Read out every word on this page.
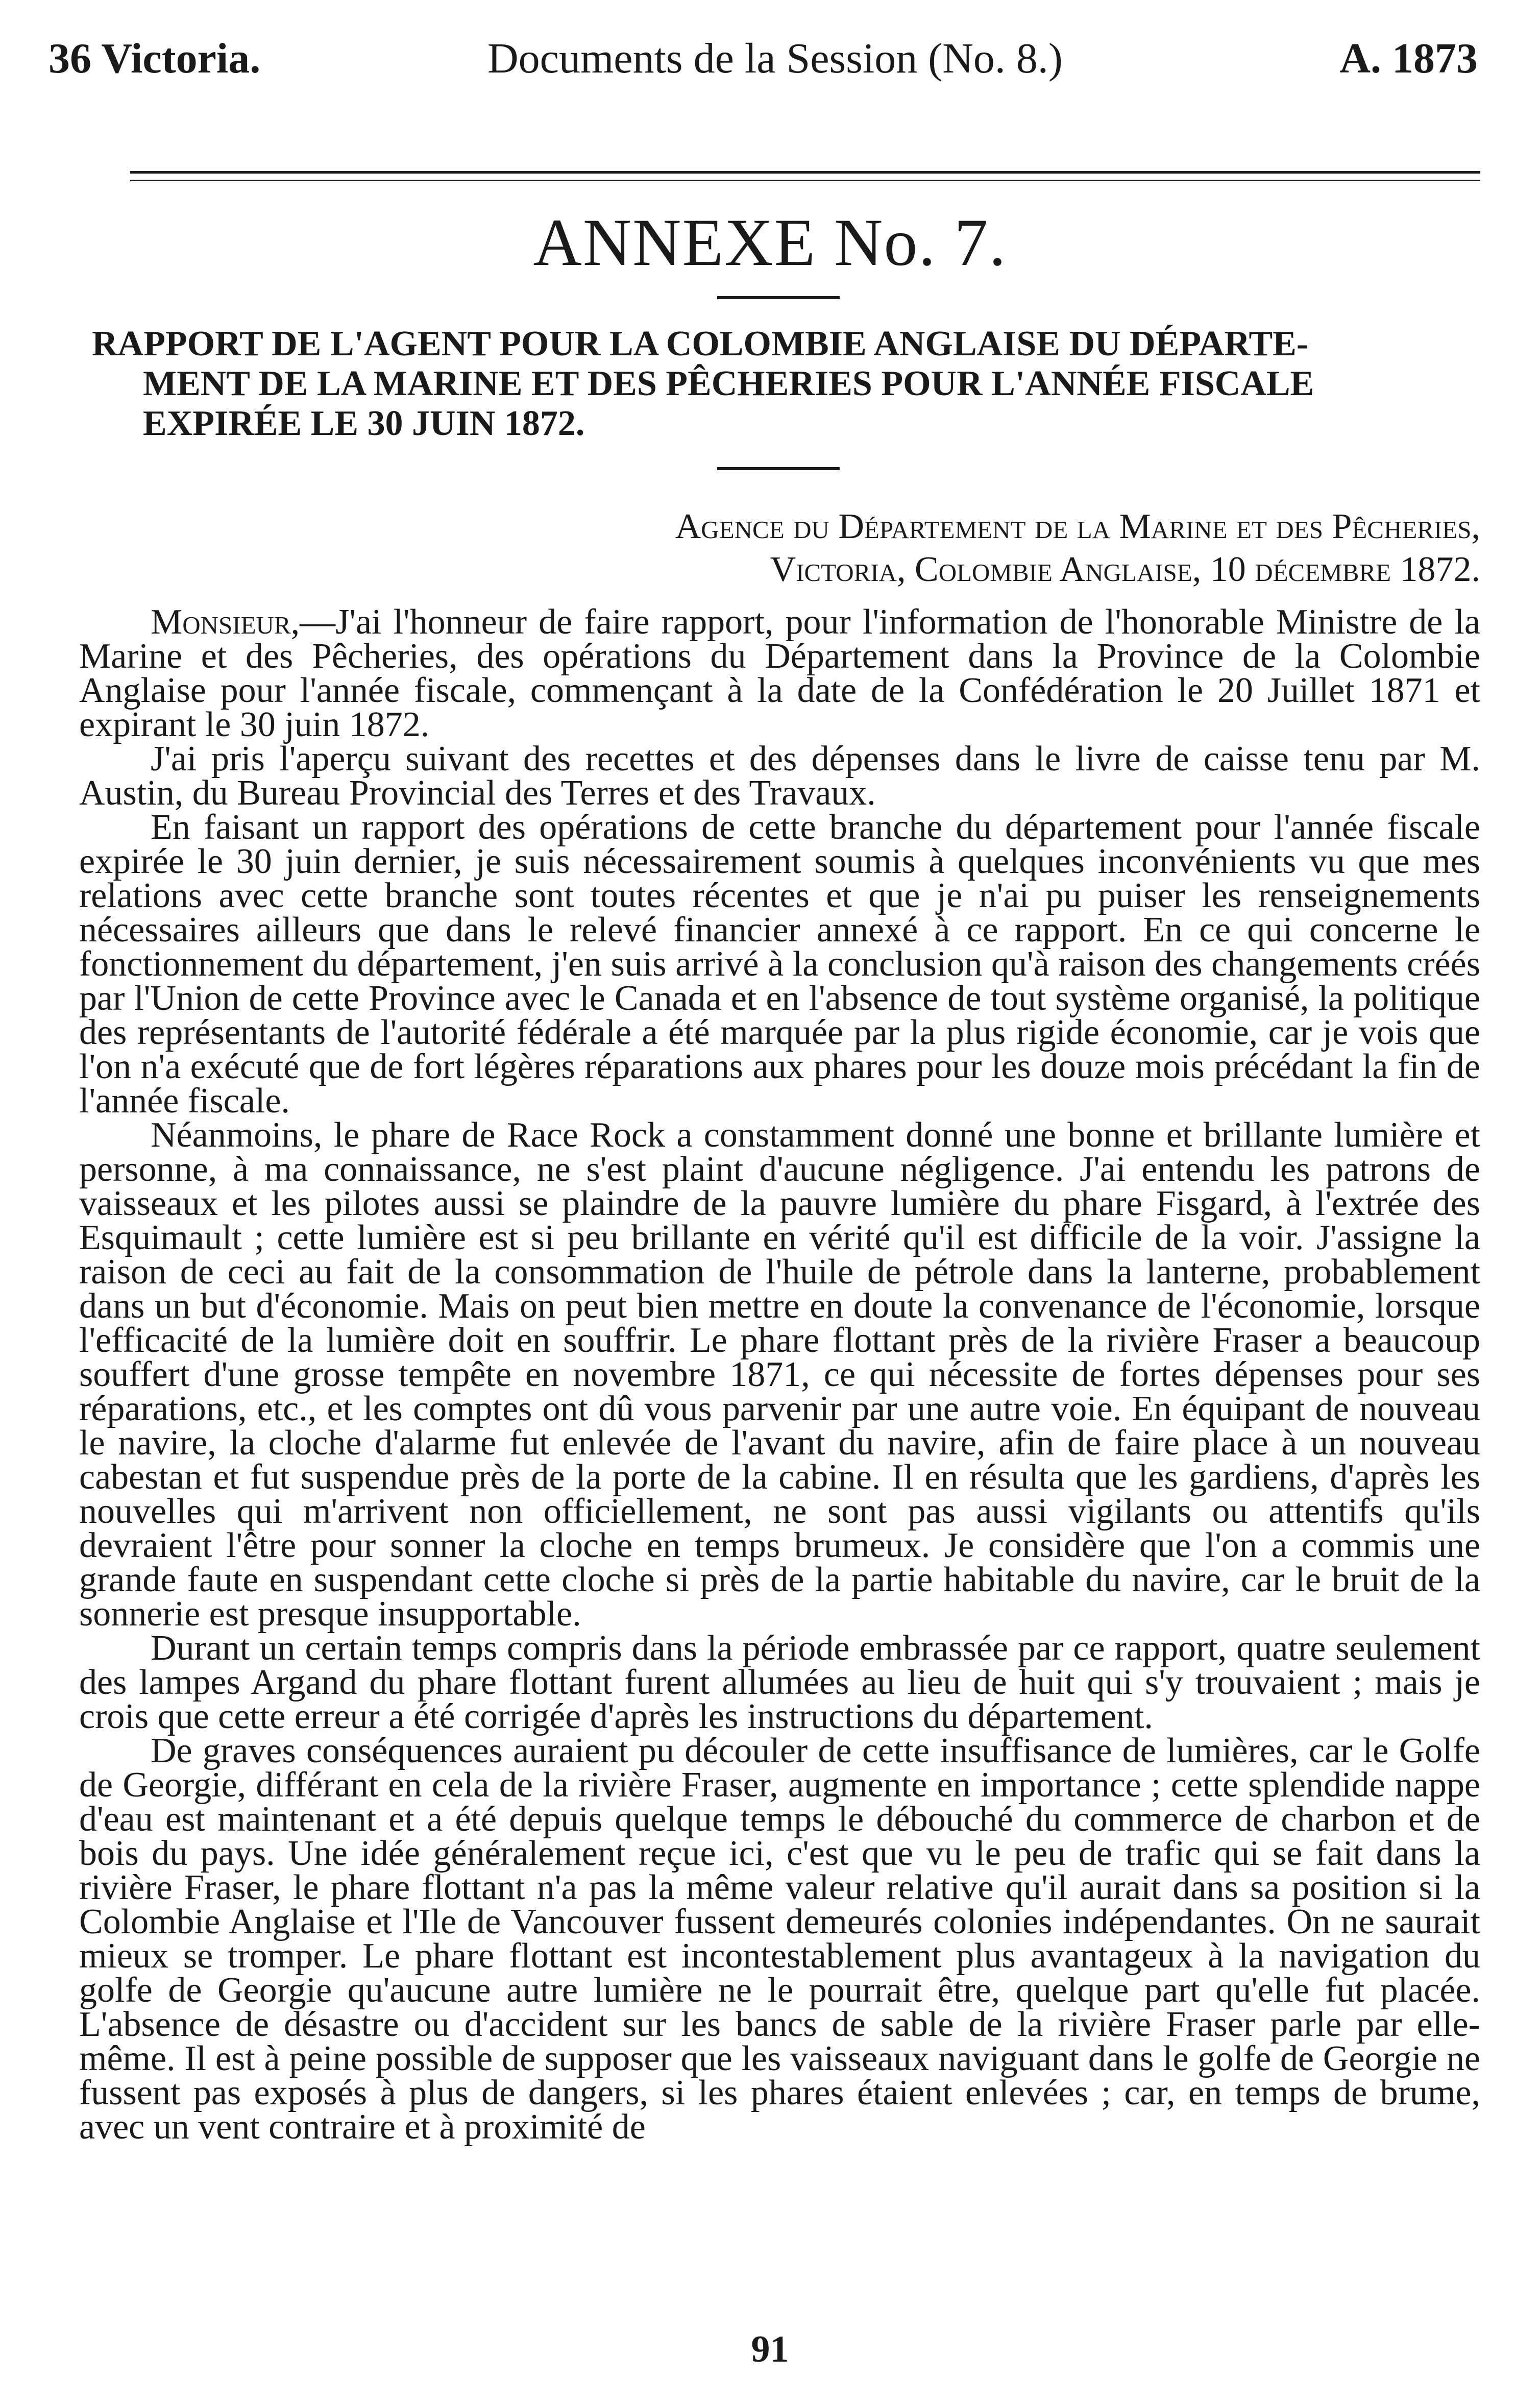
36 Victoria.	Documents de la Session (No. 8.)	A. 1873
ANNEXE No. 7.
RAPPORT DE L'AGENT POUR LA COLOMBIE ANGLAISE DU DÉPARTE-
MENT DE LA MARINE ET DES PÊCHERIES POUR L'ANNÉE FISCALE
EXPIRÉE LE 30 JUIN 1872.
Agence du Département de la Marine et des Pêcheries,
Victoria, Colombie Anglaise, 10 décembre 1872.

Monsieur,—J'ai l'honneur de faire rapport, pour l'information de l'honorable Ministre de la Marine et des Pêcheries, des opérations du Département dans la Province de la Colombie Anglaise pour l'année fiscale, commençant à la date de la Confédération le 20 Juillet 1871 et expirant le 30 juin 1872.

J'ai pris l'aperçu suivant des recettes et des dépenses dans le livre de caisse tenu par M. Austin, du Bureau Provincial des Terres et des Travaux.

En faisant un rapport des opérations de cette branche du département pour l'année fiscale expirée le 30 juin dernier, je suis nécessairement soumis à quelques inconvénients vu que mes relations avec cette branche sont toutes récentes et que je n'ai pu puiser les renseignements nécessaires ailleurs que dans le relevé financier annexé à ce rapport. En ce qui concerne le fonctionnement du département, j'en suis arrivé à la conclusion qu'à raison des changements créés par l'Union de cette Province avec le Canada et en l'absence de tout système organisé, la politique des représentants de l'autorité fédérale a été marquée par la plus rigide économie, car je vois que l'on n'a exécuté que de fort légères réparations aux phares pour les douze mois précédant la fin de l'année fiscale.

Néanmoins, le phare de Race Rock a constamment donné une bonne et brillante lumière et personne, à ma connaissance, ne s'est plaint d'aucune négligence. J'ai entendu les patrons de vaisseaux et les pilotes aussi se plaindre de la pauvre lumière du phare Fisgard, à l'extrée des Esquimault ; cette lumière est si peu brillante en vérité qu'il est difficile de la voir. J'assigne la raison de ceci au fait de la consommation de l'huile de pétrole dans la lanterne, probablement dans un but d'économie. Mais on peut bien mettre en doute la convenance de l'économie, lorsque l'efficacité de la lumière doit en souffrir. Le phare flottant près de la rivière Fraser a beaucoup souffert d'une grosse tempête en novembre 1871, ce qui nécessite de fortes dépenses pour ses réparations, etc., et les comptes ont dû vous parvenir par une autre voie. En équipant de nouveau le navire, la cloche d'alarme fut enlevée de l'avant du navire, afin de faire place à un nouveau cabestan et fut suspendue près de la porte de la cabine. Il en résulta que les gardiens, d'après les nouvelles qui m'arrivent non officiellement, ne sont pas aussi vigilants ou attentifs qu'ils devraient l'être pour sonner la cloche en temps brumeux. Je considère que l'on a commis une grande faute en suspendant cette cloche si près de la partie habitable du navire, car le bruit de la sonnerie est presque insupportable.

Durant un certain temps compris dans la période embrassée par ce rapport, quatre seulement des lampes Argand du phare flottant furent allumées au lieu de huit qui s'y trouvaient ; mais je crois que cette erreur a été corrigée d'après les instructions du département.

De graves conséquences auraient pu découler de cette insuffisance de lumières, car le Golfe de Georgie, différant en cela de la rivière Fraser, augmente en importance ; cette splendide nappe d'eau est maintenant et a été depuis quelque temps le débouché du commerce de charbon et de bois du pays. Une idée généralement reçue ici, c'est que vu le peu de trafic qui se fait dans la rivière Fraser, le phare flottant n'a pas la même valeur relative qu'il aurait dans sa position si la Colombie Anglaise et l'Ile de Vancouver fussent demeurés colonies indépendantes. On ne saurait mieux se tromper. Le phare flottant est incontestablement plus avantageux à la navigation du golfe de Georgie qu'aucune autre lumière ne le pourrait être, quelque part qu'elle fut placée. L'absence de désastre ou d'accident sur les bancs de sable de la rivière Fraser parle par elle-même. Il est à peine possible de supposer que les vaisseaux naviguant dans le golfe de Georgie ne fussent pas exposés à plus de dangers, si les phares étaient enlevées ; car, en temps de brume, avec un vent contraire et à proximité de

91
